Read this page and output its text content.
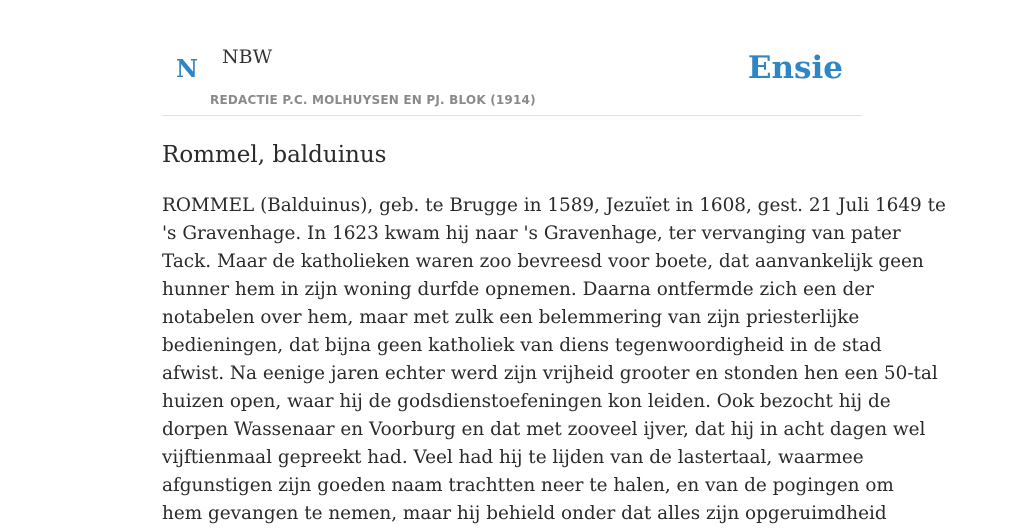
N NBW
REDACTIE P.C. MOLHUYSEN EN PJ. BLOK (1914)
Ensie
Rommel, balduinus
ROMMEL (Balduinus), geb. te Brugge in 1589, Jezuïet in 1608, gest. 21 Juli 1649 te
's Gravenhage. In 1623 kwam hij naar 's Gravenhage, ter vervanging van pater
Tack. Maar de katholieken waren zoo bevreesd voor boete, dat aanvankelijk geen
hunner hem in zijn woning durfde opnemen. Daarna ontfermde zich een der
notabelen over hem, maar met zulk een belemmering van zijn priesterlijke
bedieningen, dat bijna geen katholiek van diens tegenwoordigheid in de stad
afwist. Na eenige jaren echter werd zijn vrijheid grooter en stonden hen een 50-tal
huizen open, waar hij de godsdienstoefeningen kon leiden. Ook bezocht hij de
dorpen Wassenaar en Voorburg en dat met zooveel ijver, dat hij in acht dagen wel
vijftienmaal gepreekt had. Veel had hij te lijden van de lastertaal, waarmee
afgunstigen zijn goeden naam trachtten neer te halen, en van de pogingen om
hem gevangen te nemen, maar hij behield onder dat alles zijn opgeruimdheid
